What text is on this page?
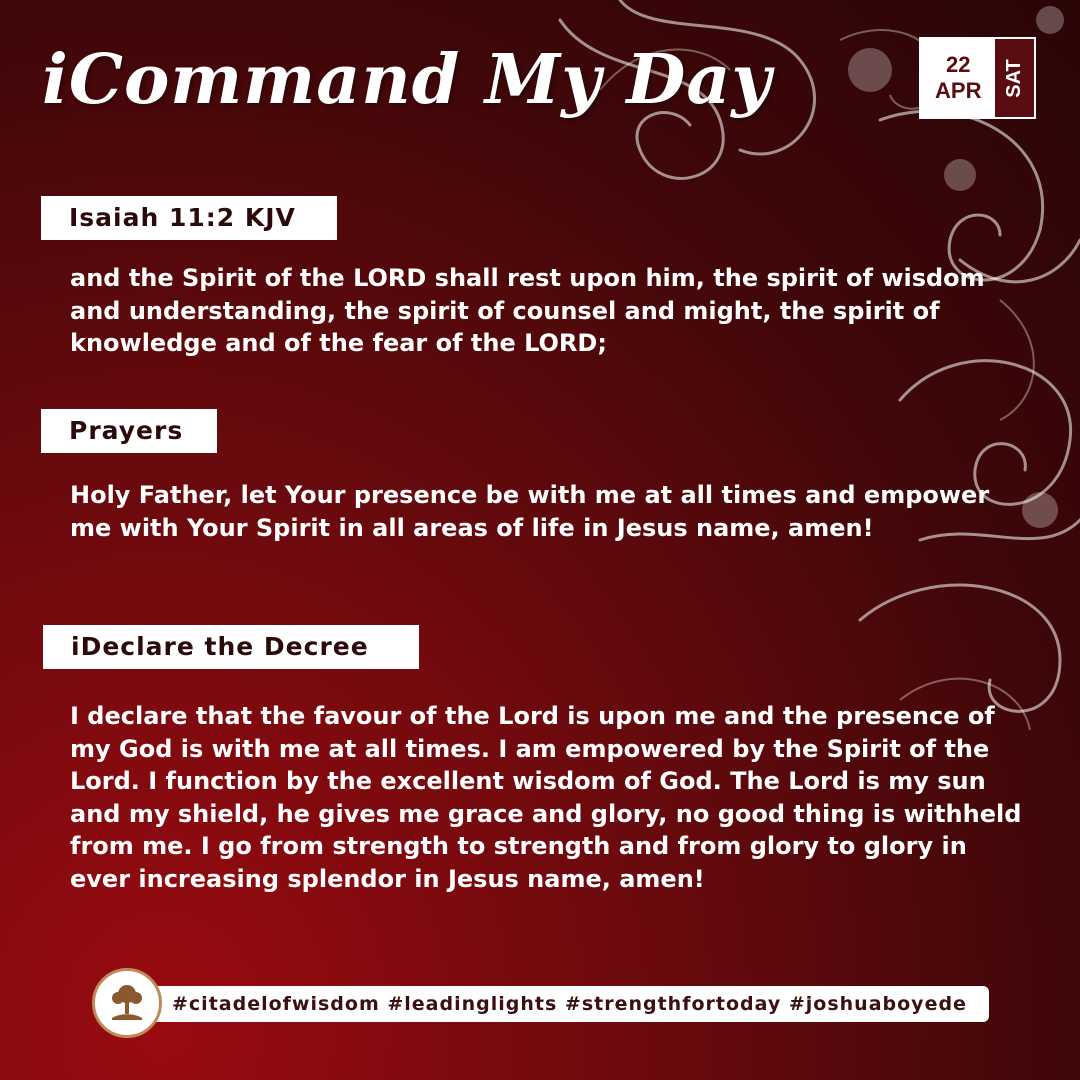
iCommand My Day	22
APR SAT
Isaiah 11:2 KJV
and the Spirit of the LORD shall rest upon him, the spirit of wisdom and understanding, the spirit of counsel and might, the spirit of knowledge and of the fear of the LORD;
Prayers
Holy Father, let Your presence be with me at all times and empower me with Your Spirit in all areas of life in Jesus name, amen!
iDeclare the Decree
I declare that the favour of the Lord is upon me and the presence of my God is with me at all times. I am empowered by the Spirit of the Lord. I function by the excellent wisdom of God. The Lord is my sun and my shield, he gives me grace and glory, no good thing is withheld from me. I go from strength to strength and from glory to glory in ever increasing splendor in Jesus name, amen!
#citadelofwisdom #leadinglights #strengthfortoday #joshuaboyede
